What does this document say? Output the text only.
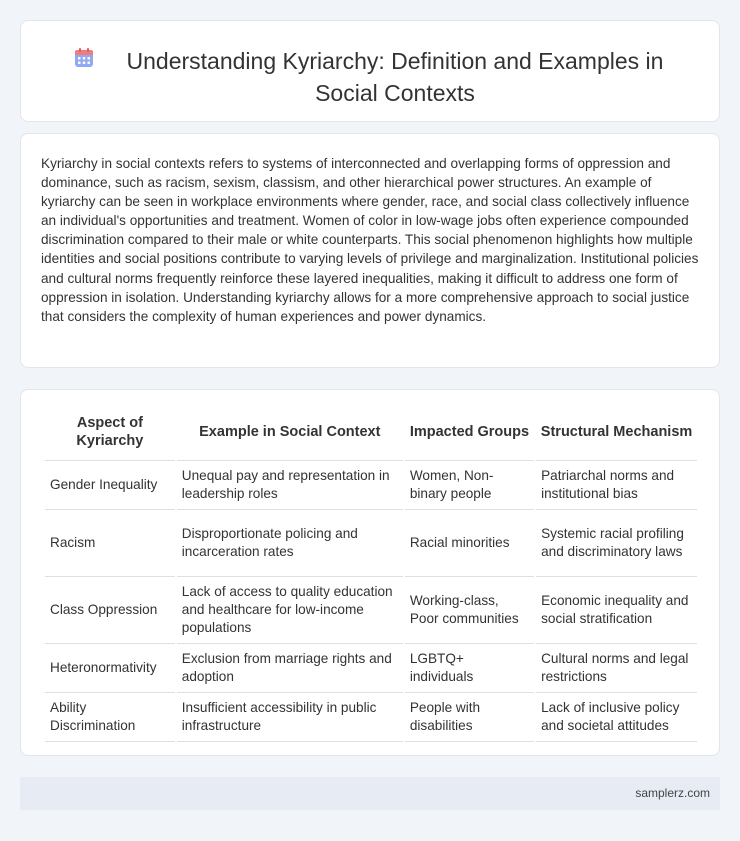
Understanding Kyriarchy: Definition and Examples in Social Contexts

Kyriarchy in social contexts refers to systems of interconnected and overlapping forms of oppression and dominance, such as racism, sexism, classism, and other hierarchical power structures. An example of kyriarchy can be seen in workplace environments where gender, race, and social class collectively influence an individual's opportunities and treatment. Women of color in low-wage jobs often experience compounded discrimination compared to their male or white counterparts. This social phenomenon highlights how multiple identities and social positions contribute to varying levels of privilege and marginalization. Institutional policies and cultural norms frequently reinforce these layered inequalities, making it difficult to address one form of oppression in isolation. Understanding kyriarchy allows for a more comprehensive approach to social justice that considers the complexity of human experiences and power dynamics.

Aspect of Kyriarchy	Example in Social Context	Impacted Groups	Structural Mechanism
Gender Inequality	Unequal pay and representation in leadership roles	Women, Non-binary people	Patriarchal norms and institutional bias
Racism	Disproportionate policing and incarceration rates	Racial minorities	Systemic racial profiling and discriminatory laws
Class Oppression	Lack of access to quality education and healthcare for low-income populations	Working-class, Poor communities	Economic inequality and social stratification
Heteronormativity	Exclusion from marriage rights and adoption	LGBTQ+ individuals	Cultural norms and legal restrictions
Ability Discrimination	Insufficient accessibility in public infrastructure	People with disabilities	Lack of inclusive policy and societal attitudes
samplerz.com
